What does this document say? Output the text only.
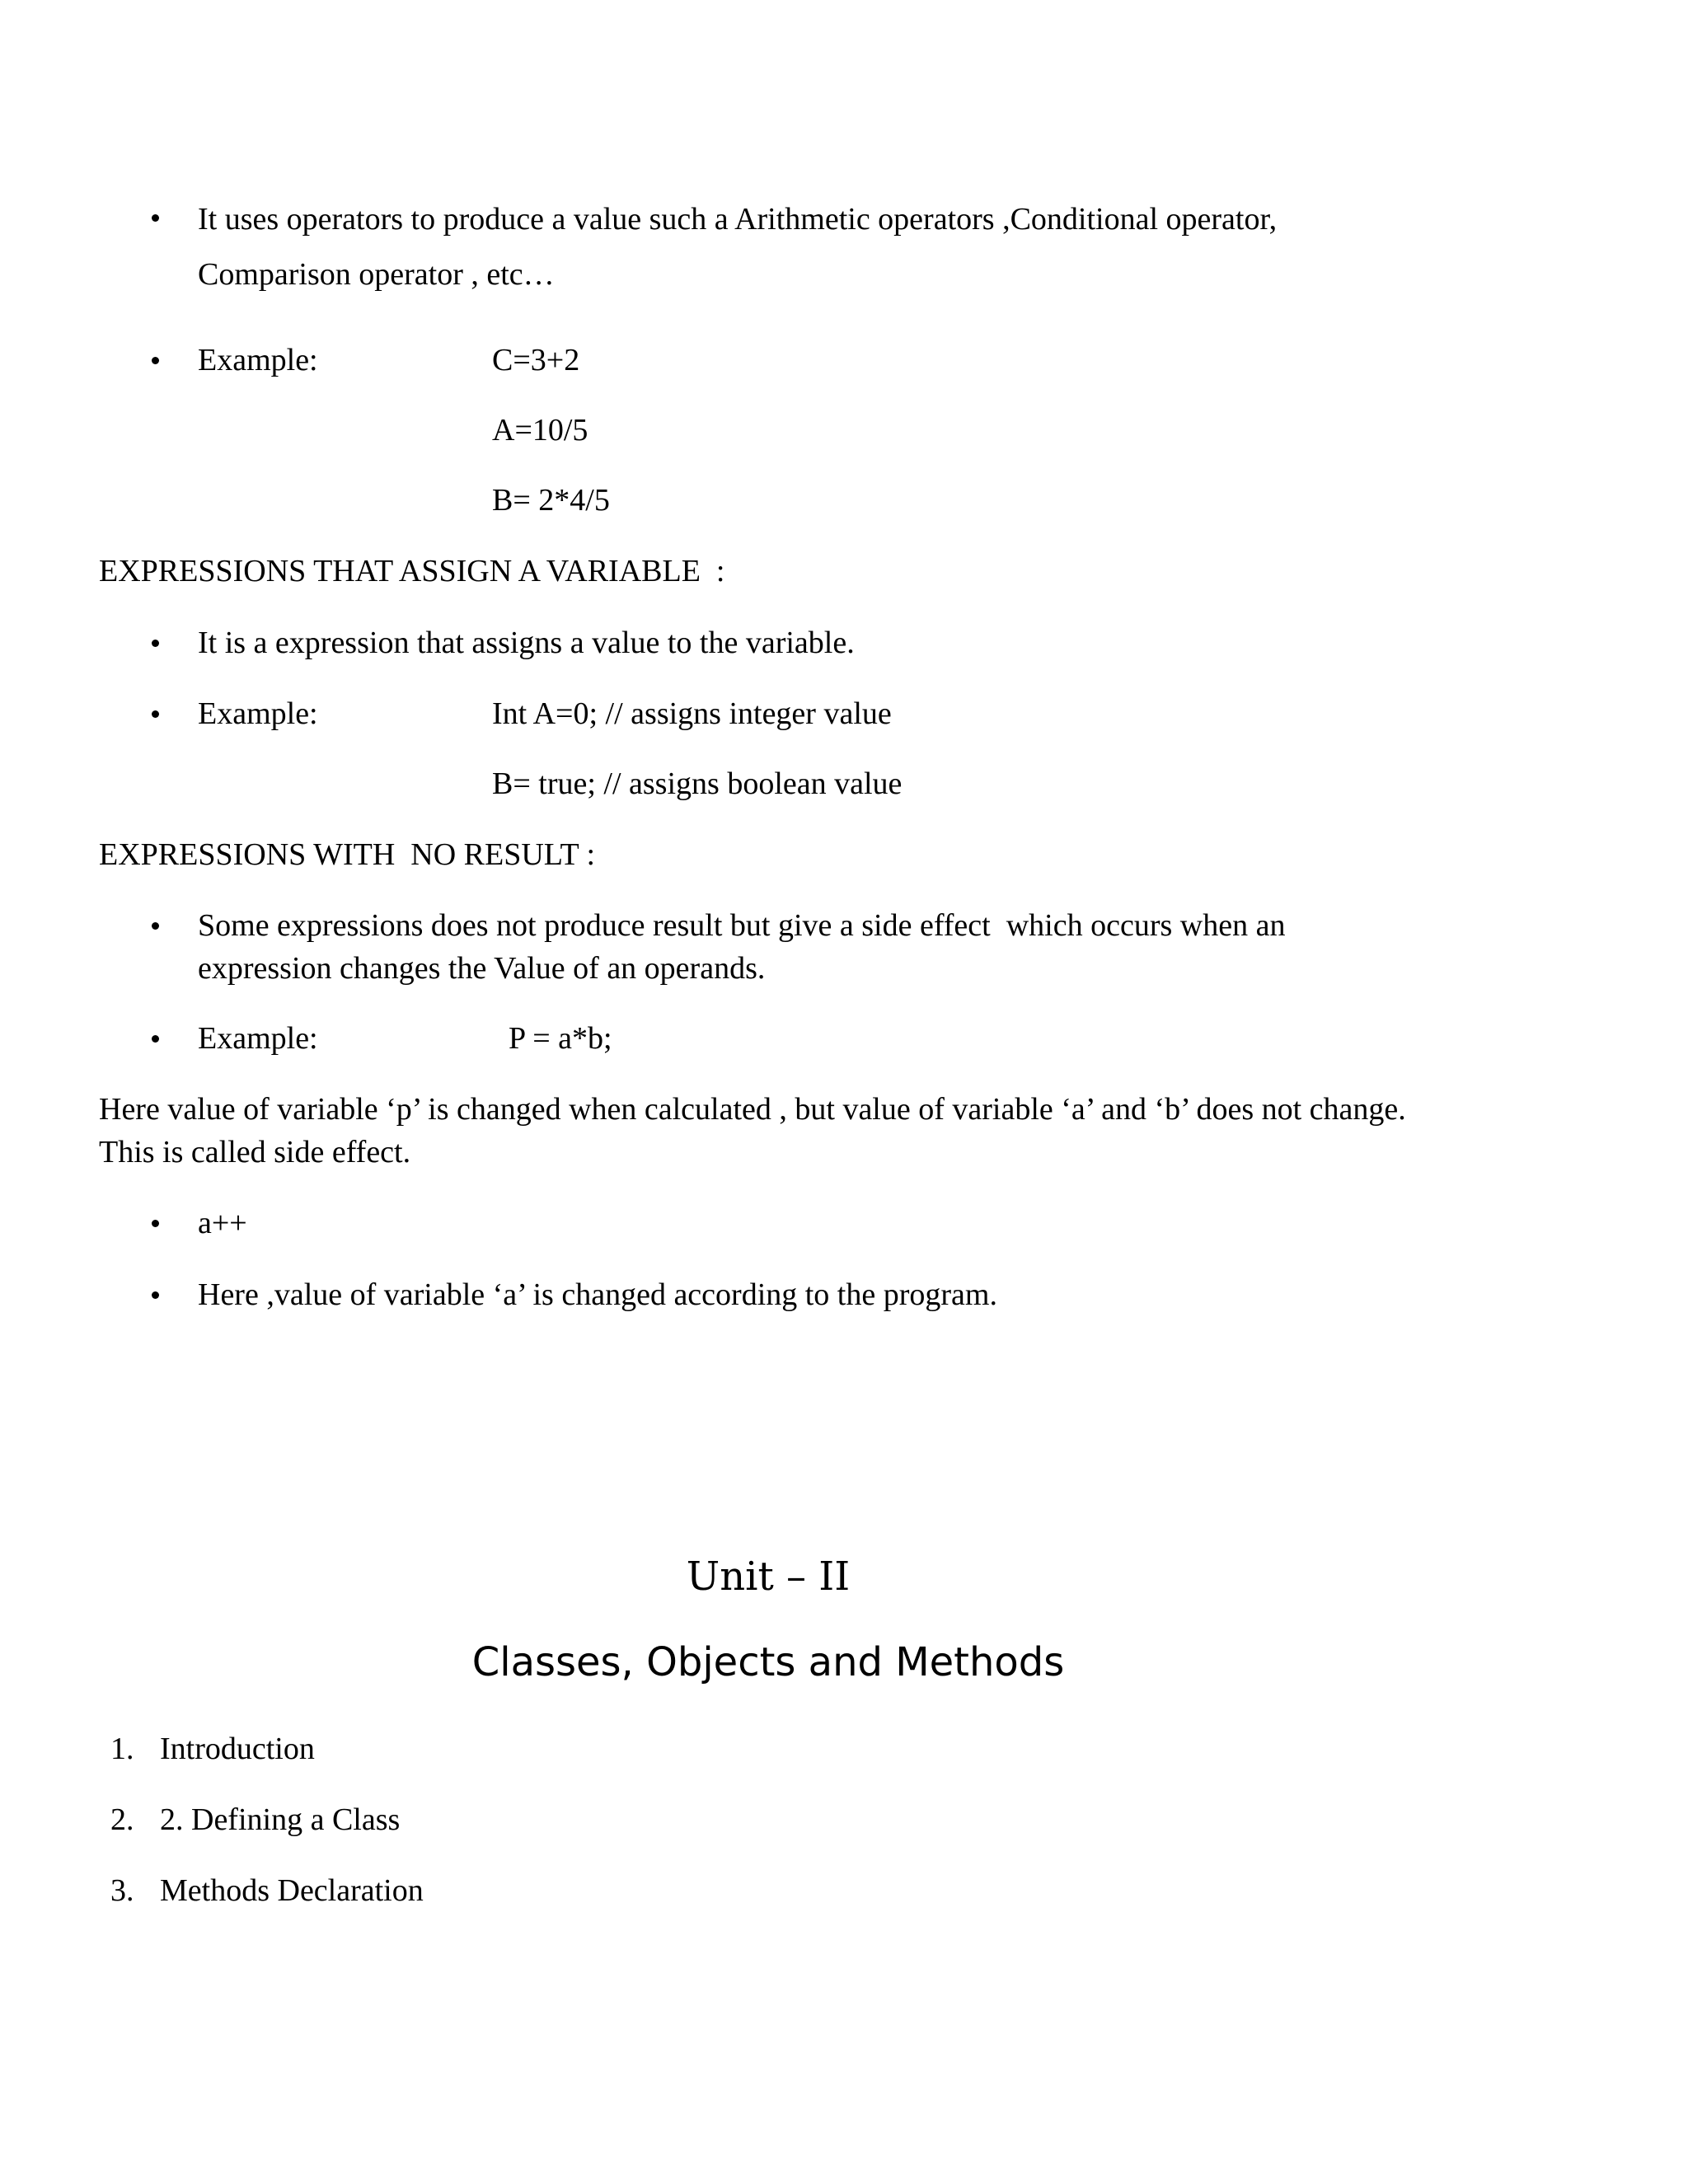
It uses operators to produce a value such a Arithmetic operators ,Conditional operator,
Comparison operator , etc…
Example:	C=3+2
A=10/5
B= 2*4/5
EXPRESSIONS THAT ASSIGN A VARIABLE  :
It is a expression that assigns a value to the variable.
Example:	Int A=0; // assigns integer value
B= true; // assigns boolean value
EXPRESSIONS WITH  NO RESULT :
Some expressions does not produce result but give a side effect  which occurs when an
expression changes the Value of an operands.
Example:	P = a*b;
Here value of variable ‘p’ is changed when calculated , but value of variable ‘a’ and ‘b’ does not change.
This is called side effect.
a++
Here ,value of variable ‘a’ is changed according to the program.
Unit – II
Classes, Objects and Methods
1. Introduction
2. 2. Defining a Class
3. Methods Declaration
